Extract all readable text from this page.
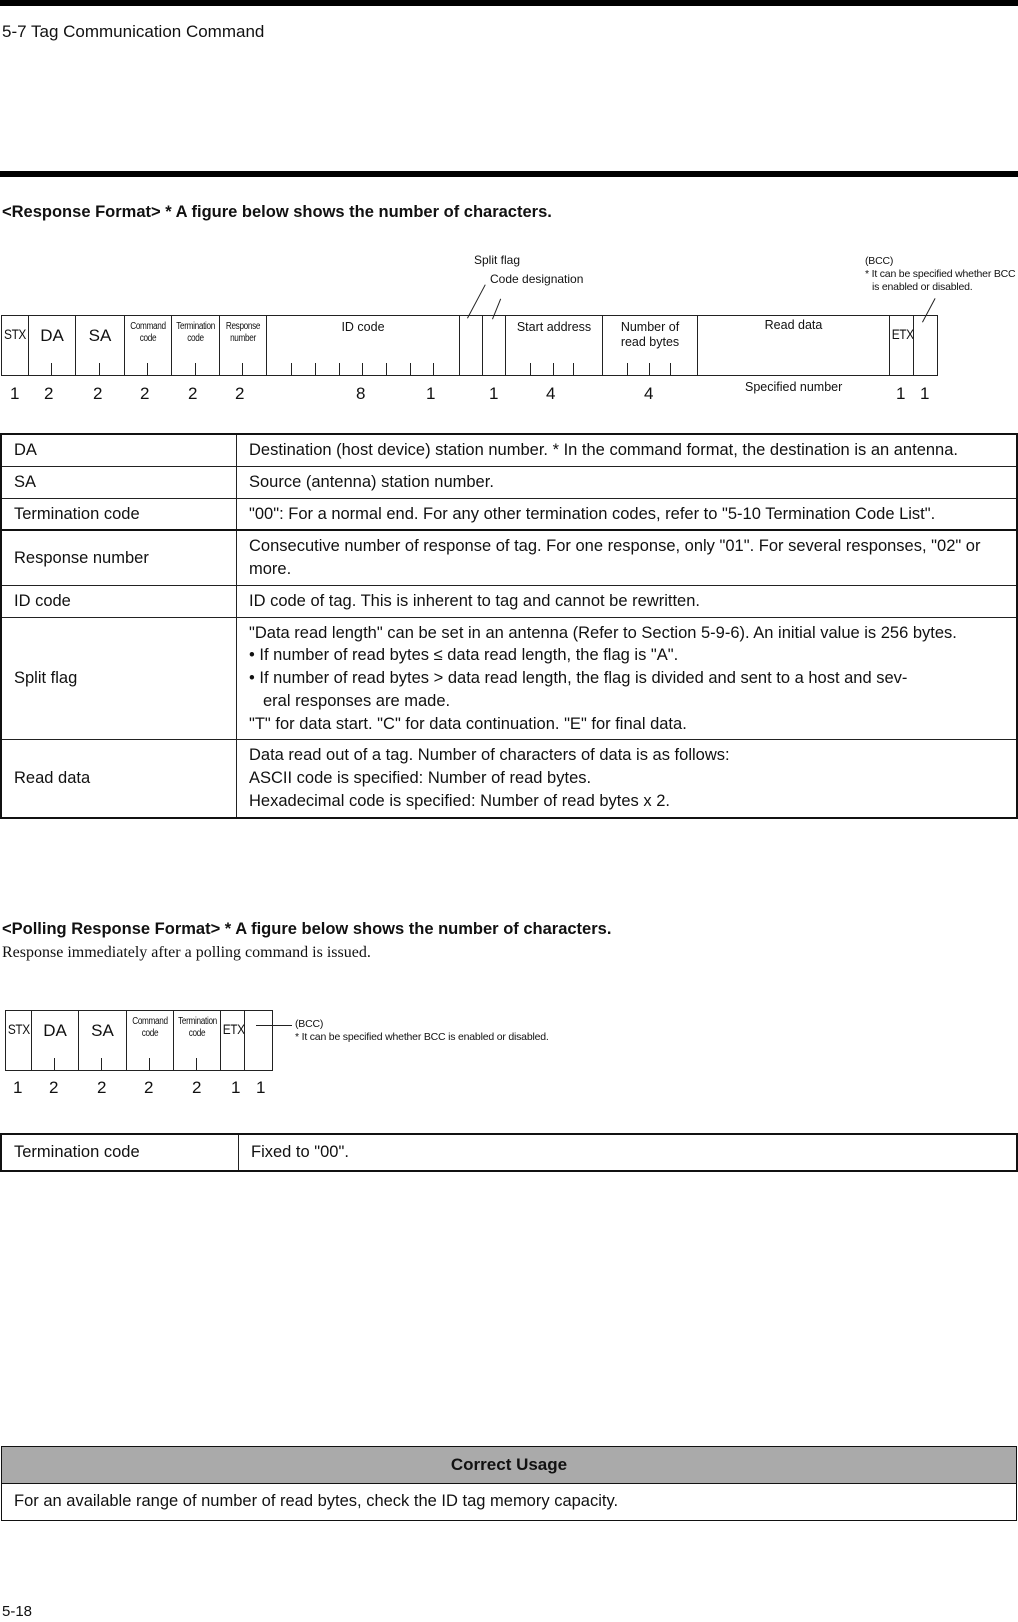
5-7 Tag Communication Command
<Response Format> * A figure below shows the number of characters.
Split flag
Code designation
(BCC)
* It can be specified whether BCC
is enabled or disabled.
STX DA	SA	Command
code
Termination
code
Response
number
ID code	Start address	Number of
read bytes
Read data
ETX
1 2 2 2 2 2	8	1	1	4	4	Specified number	1 1
DA	Destination (host device) station number. * In the command format, the destination is an antenna.
SA	Source (antenna) station number.
Termination code	"00": For a normal end. For any other termination codes, refer to "5-10 Termination Code List".
Response number	Consecutive number of response of tag. For one response, only "01". For several responses, "02" or more.
ID code	ID code of tag. This is inherent to tag and cannot be rewritten.
Split flag	"Data read length" can be set in an antenna (Refer to Section 5-9-6). An initial value is 256 bytes.
• If number of read bytes ≤ data read length, the flag is "A".
• If number of read bytes > data read length, the flag is divided and sent to a host and sev-
eral responses are made.
"T" for data start. "C" for data continuation. "E" for final data.

Read data	Data read out of a tag. Number of characters of data is as follows:
ASCII code is specified: Number of read bytes.
Hexadecimal code is specified: Number of read bytes x 2.
<Polling Response Format> * A figure below shows the number of characters.
Response immediately after a polling command is issued.
STX DA	SA	Command
code
Termination
code	ETX	(BCC)
* It can be specified whether BCC is enabled or disabled.
1 2 2 2 2 1 1
Termination code	Fixed to "00".
Correct Usage
For an available range of number of read bytes, check the ID tag memory capacity.
5-18
